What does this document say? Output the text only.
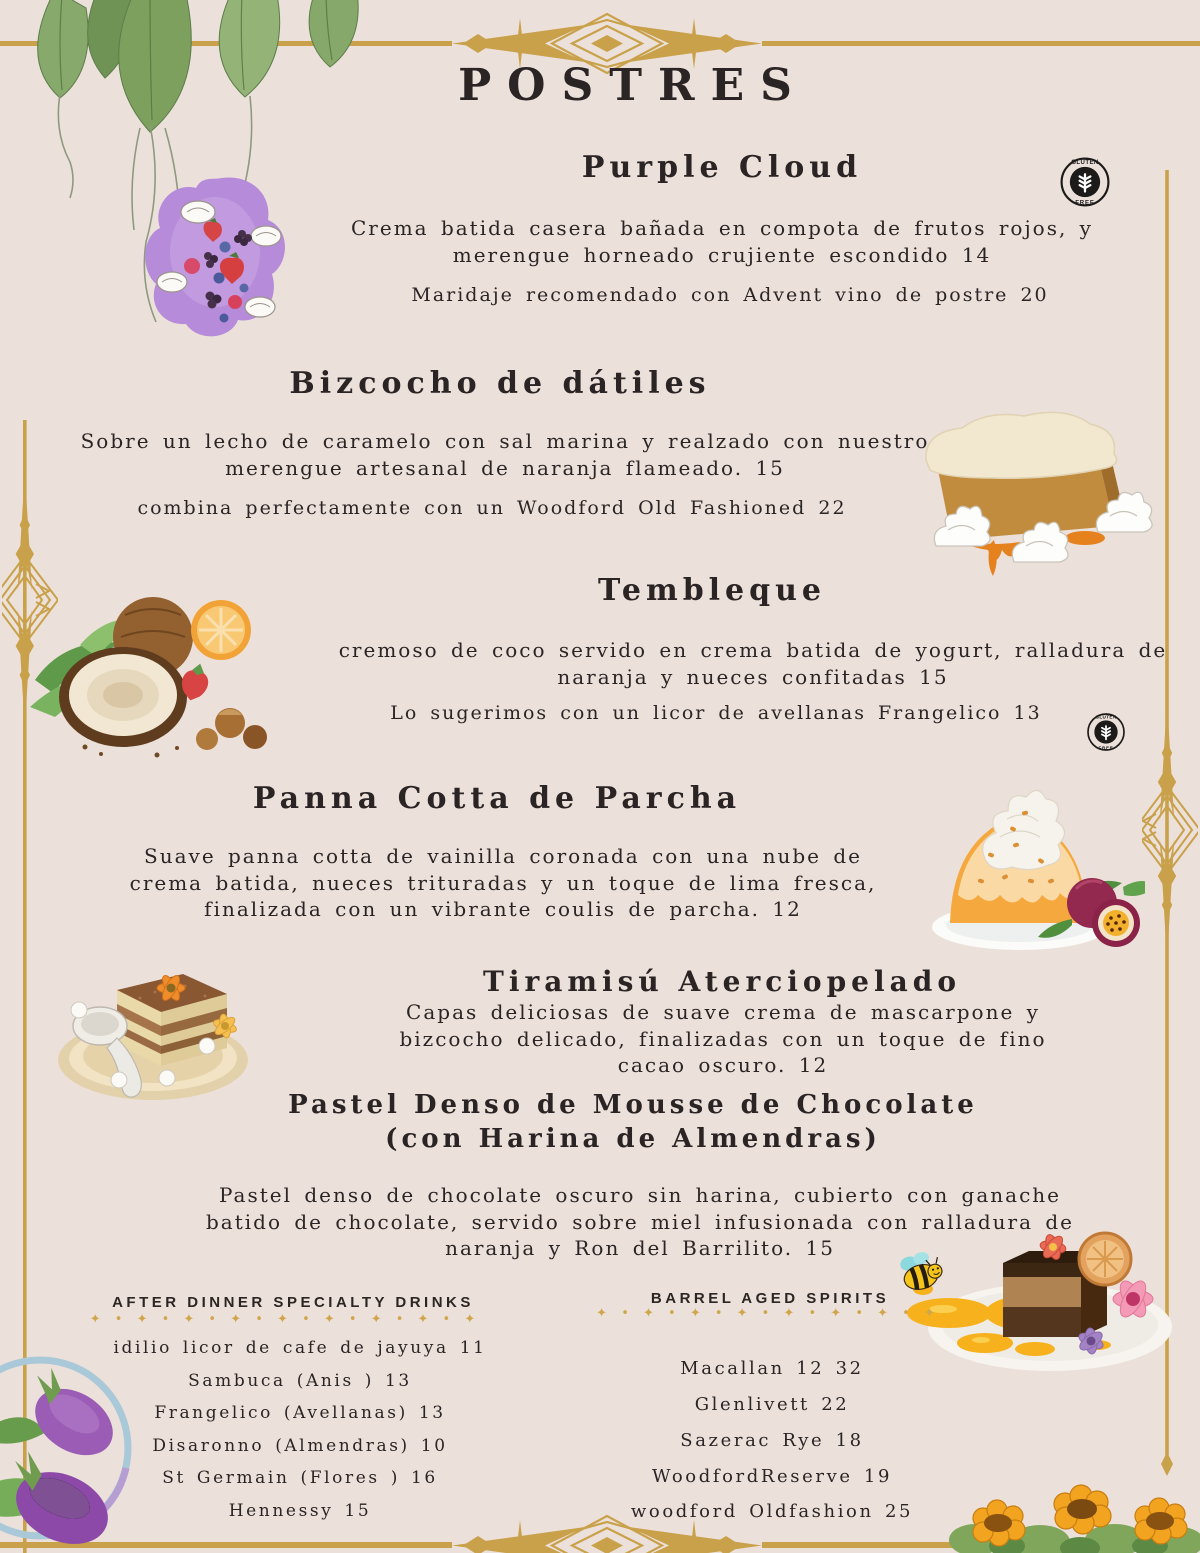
GLUTEN
FREE
GLUTEN
FREE
POSTRES
Purple Cloud
Crema batida casera bañada en compota de frutos rojos, y
merengue horneado crujiente escondido 14
Maridaje recomendado con Advent vino de postre 20
Bizcocho de dátiles
Sobre un lecho de caramelo con sal marina y realzado con nuestro
merengue artesanal de naranja flameado. 15
combina perfectamente con un Woodford Old Fashioned 22
Tembleque
cremoso de coco servido en crema batida de yogurt, ralladura de
naranja y nueces confitadas 15
Lo sugerimos con un licor de avellanas Frangelico 13
Panna Cotta de Parcha
Suave panna cotta de vainilla coronada con una nube de
crema batida, nueces trituradas y un toque de lima fresca,
finalizada con un vibrante coulis de parcha. 12
Tiramisú Aterciopelado
Capas deliciosas de suave crema de mascarpone y
bizcocho delicado, finalizadas con un toque de fino
cacao oscuro. 12
Pastel Denso de Mousse de Chocolate
(con Harina de Almendras)
Pastel denso de chocolate oscuro sin harina, cubierto con ganache
batido de chocolate, servido sobre miel infusionada con ralladura de
naranja y Ron del Barrilito. 15
AFTER DINNER SPECIALTY DRINKS
✦ • ✦ • ✦ • ✦ • ✦ • ✦ • ✦ • ✦ • ✦
idilio licor de cafe de jayuya 11
Sambuca (Anis ) 13
Frangelico (Avellanas) 13
Disaronno (Almendras) 10
St Germain (Flores ) 16
Hennessy 15
BARREL AGED SPIRITS
✦ • ✦ • ✦ • ✦ • ✦ • ✦ • ✦ • ✦
Macallan 12 32
Glenlivett 22
Sazerac Rye 18
WoodfordReserve 19
woodford Oldfashion 25
